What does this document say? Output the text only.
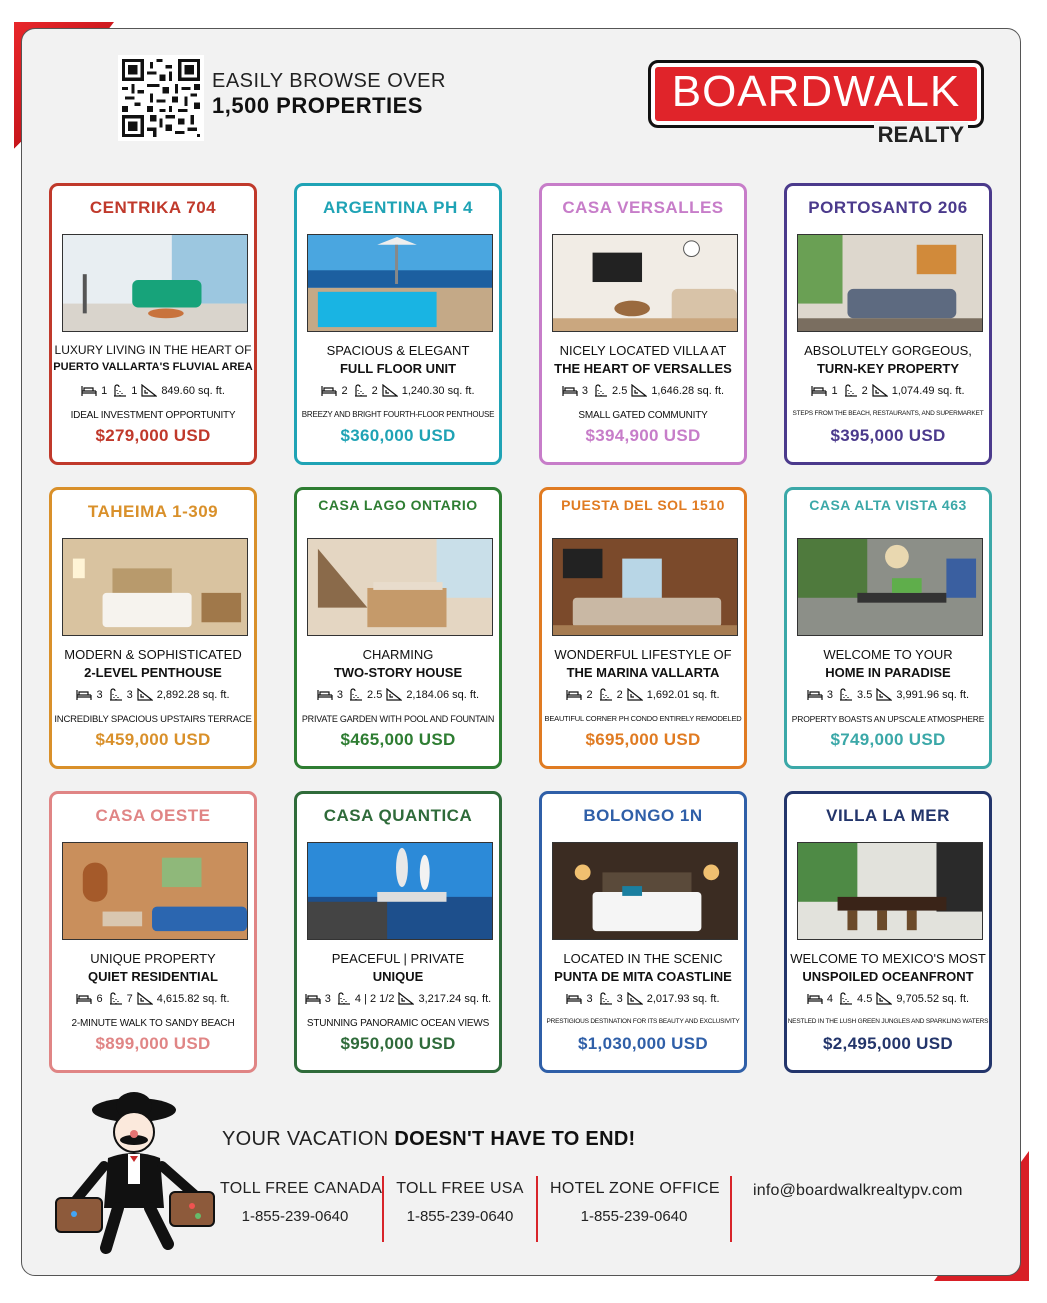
EASILY BROWSE OVER
1,500 PROPERTIES	BOARDWALK
REALTY
CENTRIKA 704
LUXURY LIVING IN THE HEART OF
PUERTO VALLARTA'S FLUVIAL AREA
1 1 849.60 sq. ft.
IDEAL INVESTMENT OPPORTUNITY
$279,000 USD
ARGENTINA PH 4
SPACIOUS & ELEGANT
FULL FLOOR UNIT
2 2 1,240.30 sq. ft.
BREEZY AND BRIGHT FOURTH-FLOOR PENTHOUSE
$360,000 USD
CASA VERSALLES
NICELY LOCATED VILLA AT
THE HEART OF VERSALLES
3 2.5 1,646.28 sq. ft.
SMALL GATED COMMUNITY
$394,900 USD
PORTOSANTO 206
ABSOLUTELY GORGEOUS,
TURN-KEY PROPERTY
1 2 1,074.49 sq. ft.
STEPS FROM THE BEACH, RESTAURANTS, AND SUPERMARKET
$395,000 USD
TAHEIMA 1-309
MODERN & SOPHISTICATED
2-LEVEL PENTHOUSE
3 3 2,892.28 sq. ft.
INCREDIBLY SPACIOUS UPSTAIRS TERRACE
$459,000 USD
CASA LAGO ONTARIO
CHARMING
TWO-STORY HOUSE
3 2.5 2,184.06 sq. ft.
PRIVATE GARDEN WITH POOL AND FOUNTAIN
$465,000 USD
PUESTA DEL SOL 1510
WONDERFUL LIFESTYLE OF
THE MARINA VALLARTA
2 2 1,692.01 sq. ft.
BEAUTIFUL CORNER PH CONDO ENTIRELY REMODELED
$695,000 USD
CASA ALTA VISTA 463
WELCOME TO YOUR
HOME IN PARADISE
3 3.5 3,991.96 sq. ft.
PROPERTY BOASTS AN UPSCALE ATMOSPHERE
$749,000 USD
CASA OESTE
UNIQUE PROPERTY
QUIET RESIDENTIAL
6 7 4,615.82 sq. ft.
2-MINUTE WALK TO SANDY BEACH
$899,000 USD
CASA QUANTICA
PEACEFUL | PRIVATE
UNIQUE
3 4 | 2 1/2 3,217.24 sq. ft.
STUNNING PANORAMIC OCEAN VIEWS
$950,000 USD
BOLONGO 1N
LOCATED IN THE SCENIC
PUNTA DE MITA COASTLINE
3 3 2,017.93 sq. ft.
PRESTIGIOUS DESTINATION FOR ITS BEAUTY AND EXCLUSIVITY
$1,030,000 USD
VILLA LA MER
WELCOME TO MEXICO'S MOST
UNSPOILED OCEANFRONT
4 4.5 9,705.52 sq. ft.
NESTLED IN THE LUSH GREEN JUNGLES AND SPARKLING WATERS
$2,495,000 USD
YOUR VACATION DOESN'T HAVE TO END!
TOLL FREE CANADA
1-855-239-0640
TOLL FREE USA
1-855-239-0640
HOTEL ZONE OFFICE
1-855-239-0640
info@boardwalkrealtypv.com
